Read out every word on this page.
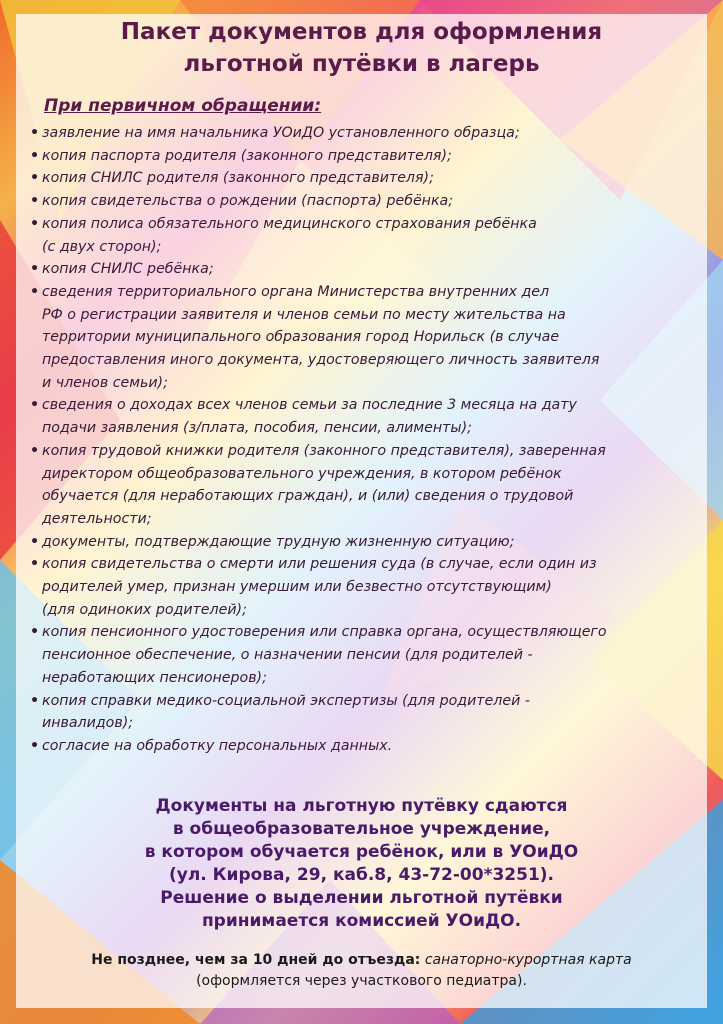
Пакет документов для оформления
льготной путёвки в лагерь
При первичном обращении:
• заявление на имя начальника УОиДО установленного образца;
• копия паспорта родителя (законного представителя);
• копия СНИЛС родителя (законного представителя);
• копия свидетельства о рождении (паспорта) ребёнка;
• копия полиса обязательного медицинского страхования ребёнка
(с двух сторон);
• копия СНИЛС ребёнка;
• сведения территориального органа Министерства внутренних дел
РФ о регистрации заявителя и членов семьи по месту жительства на
территории муниципального образования город Норильск (в случае
предоставления иного документа, удостоверяющего личность заявителя
и членов семьи);
• сведения о доходах всех членов семьи за последние 3 месяца на дату
подачи заявления (з/плата, пособия, пенсии, алименты);
• копия трудовой книжки родителя (законного представителя), заверенная
директором общеобразовательного учреждения, в котором ребёнок
обучается (для неработающих граждан), и (или) сведения о трудовой
деятельности;
• документы, подтверждающие трудную жизненную ситуацию;
• копия свидетельства о смерти или решения суда (в случае, если один из
родителей умер, признан умершим или безвестно отсутствующим)
(для одиноких родителей);
• копия пенсионного удостоверения или справка органа, осуществляющего
пенсионное обеспечение, о назначении пенсии (для родителей -
неработающих пенсионеров);
• копия справки медико-социальной экспертизы (для родителей -
инвалидов);
• согласие на обработку персональных данных.
Документы на льготную путёвку сдаются
в общеобразовательное учреждение,
в котором обучается ребёнок, или в УОиДО
(ул. Кирова, 29, каб.8, 43-72-00*3251).
Решение о выделении льготной путёвки
принимается комиссией УОиДО.
Не позднее, чем за 10 дней до отъезда: санаторно-курортная карта
(оформляется через участкового педиатра).
